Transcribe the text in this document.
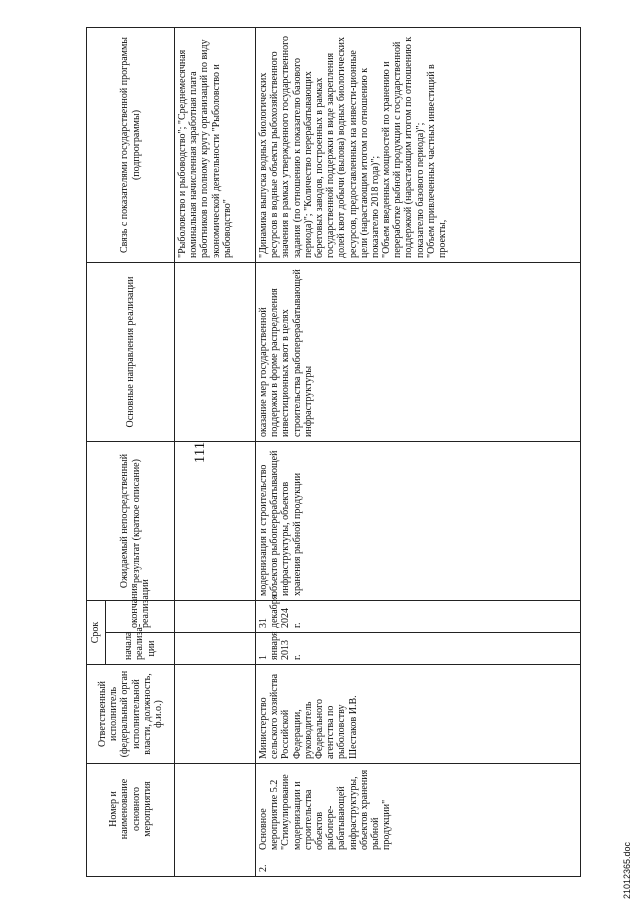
111
	Номер и наименование основного мероприятия	Ответственный исполнитель (федеральный орган исполнительной власти, должность, ф.и.о.)	Срок		Ожидаемый непосредственный результат (краткое описание)	Основные направления реализации	Связь с показателями государственной программы (подпрограммы)
			начала реализа-ции	окончания реализации			
							"Рыболовство и рыбоводство"; "Среднемесячная номинальная начисленная заработная плата работников по полному кругу организаций по виду экономической деятельности "Рыболовство и рыбоводство"
2.	Основное мероприятие 5.2 "Стимулирование модернизации и строительства объектов рыбопере-рабатывающей инфраструктуры, объектов хранения рыбной продукции"	Министерство сельского хозяйства Российской Федерации, руководитель Федерального агентства по рыболовству Шестаков И.В.	1 января 2013 г.	31 декабря 2024 г.	модернизация и строительство объектов рыбоперерабатывающей инфраструктуры, объектов хранения рыбной продукции	оказание мер государственной поддержки в форме распределения инвестиционных квот в целях строительства рыбоперерабатывающей инфраструктуры	"Динамика выпуска водных биологических ресурсов в водные объекты рыбохозяйственного значения в рамках утвержденного государственного задания (по отношению к показателю базового периода)"; "Количество перерабатывающих береговых заводов, построенных в рамках государственной поддержки в виде закрепления долей квот добычи (вылова) водных биологических ресурсов, предоставленных на инвести-ционные цели (нарастающим итогом по отношению к показателю 2018 года)"; "Объем введенных мощностей по хранению и переработке рыбной продукции с государственной поддержкой (нарастающим итогом по отношению к показателю базового периода)"; "Объем привлеченных частных инвестиций в проекты,
21012365.doc
